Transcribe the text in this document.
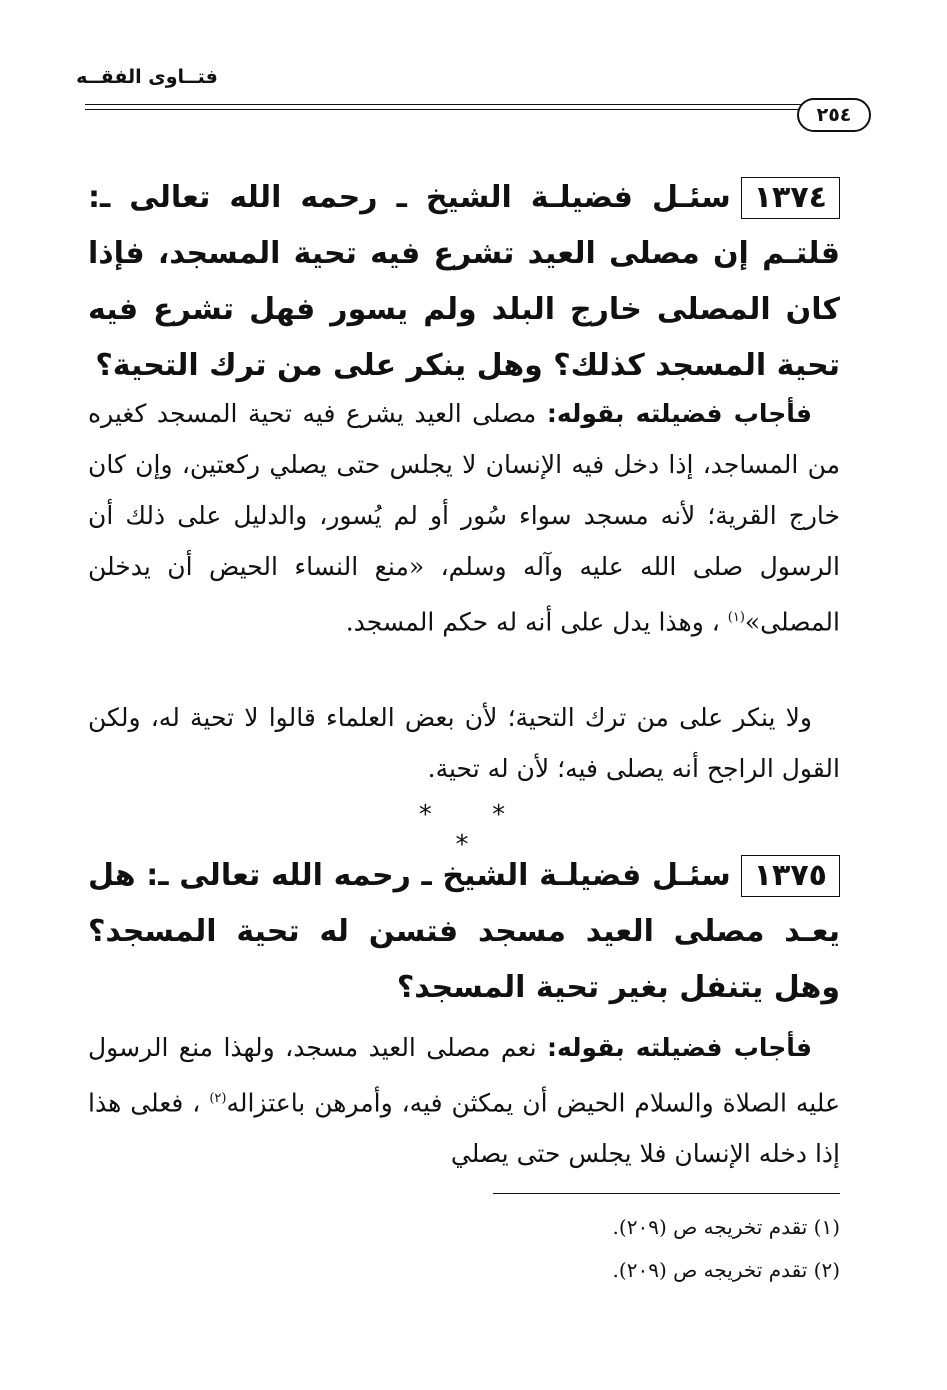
فتــاوى الفقــه
٢٥٤
١٣٧٤سئـل فضيلـة الشيخ ـ رحمه الله تعالى ـ: قلتـم إن مصلى العيد تشرع فيه تحية المسجد، فإذا كان المصلى خارج البلد ولم يسور فهل تشرع فيه تحية المسجد كذلك؟ وهل ينكر على من ترك التحية؟
فأجاب فضيلته بقوله: مصلى العيد يشرع فيه تحية المسجد كغيره من المساجد، إذا دخل فيه الإنسان لا يجلس حتى يصلي ركعتين، وإن كان خارج القرية؛ لأنه مسجد سواء سُور أو لم يُسور، والدليل على ذلك أن الرسول صلى الله عليه وآله وسلم، «منع النساء الحيض أن يدخلن المصلى»$^{(١)}$ ، وهذا يدل على أنه له حكم المسجد.
ولا ينكر على من ترك التحية؛ لأن بعض العلماء قالوا لا تحية له، ولكن القول الراجح أنه يصلى فيه؛ لأن له تحية.
* * *
١٣٧٥سئـل فضيلـة الشيخ ـ رحمه الله تعالى ـ: هل يعـد مصلى العيد مسجد فتسن له تحية المسجد؟ وهل يتنفل بغير تحية المسجد؟
فأجاب فضيلته بقوله: نعم مصلى العيد مسجد، ولهذا منع الرسول عليه الصلاة والسلام الحيض أن يمكثن فيه، وأمرهن باعتزاله$^{(٢)}$ ، فعلى هذا إذا دخله الإنسان فلا يجلس حتى يصلي
(١) تقدم تخريجه ص (٢٠٩).
(٢) تقدم تخريجه ص (٢٠٩).
